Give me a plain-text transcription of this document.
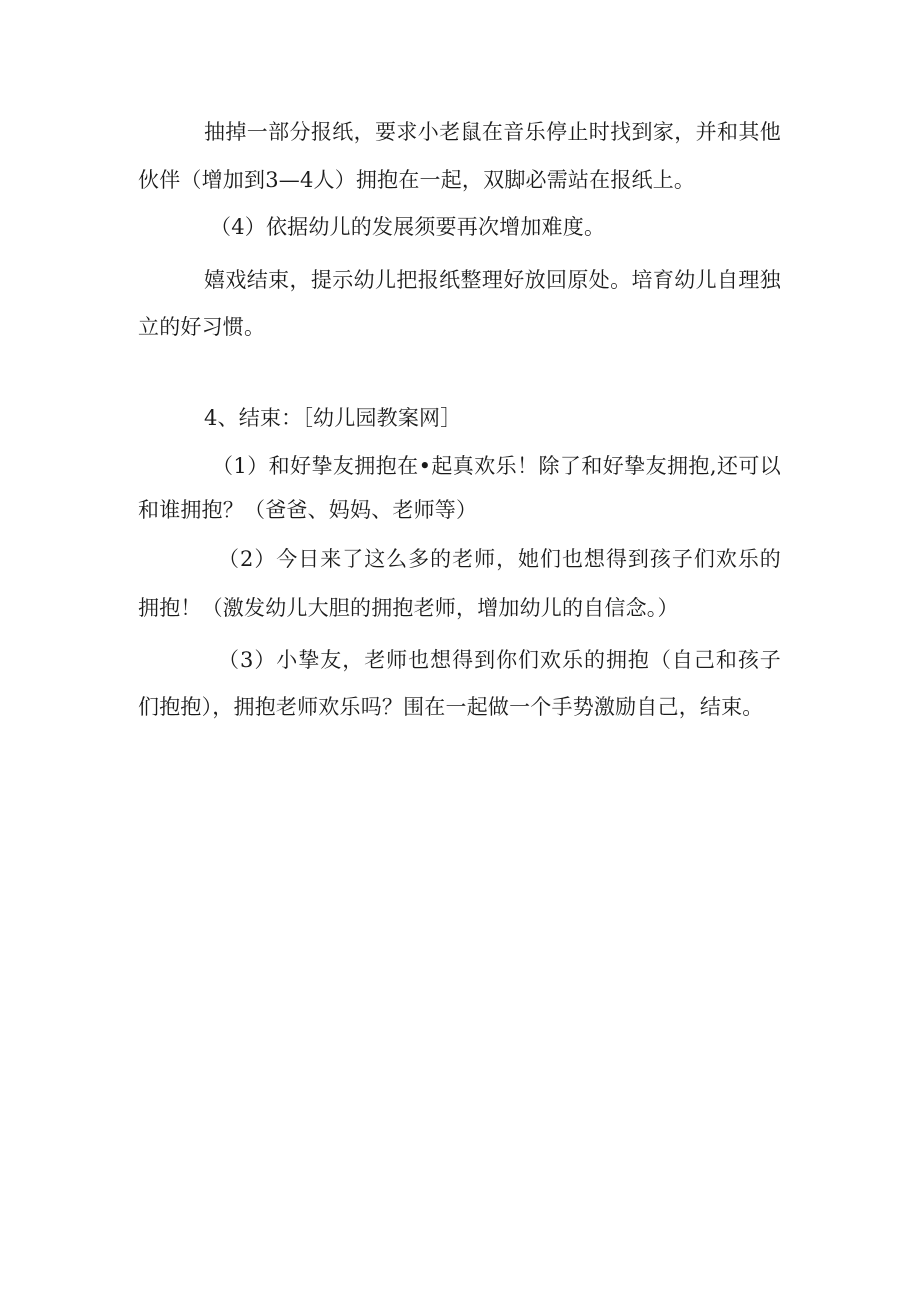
抽掉一部分报纸，要求小老鼠在音乐停止时找到家，并和其他
伙伴（增加到3—4人）拥抱在一起，双脚必需站在报纸上。
（4）依据幼儿的发展须要再次增加难度。
嬉戏结束，提示幼儿把报纸整理好放回原处。培育幼儿自理独
立的好习惯。
4、结束：［幼儿园教案网］
（1）和好挚友拥抱在•起真欢乐！除了和好挚友拥抱,还可以
和谁拥抱？（爸爸、妈妈、老师等）
（2）今日来了这么多的老师，她们也想得到孩子们欢乐的
拥抱！（激发幼儿大胆的拥抱老师，增加幼儿的自信念。）
（3）小挚友，老师也想得到你们欢乐的拥抱（自己和孩子
们抱抱），拥抱老师欢乐吗？围在一起做一个手势激励自己，结束。
